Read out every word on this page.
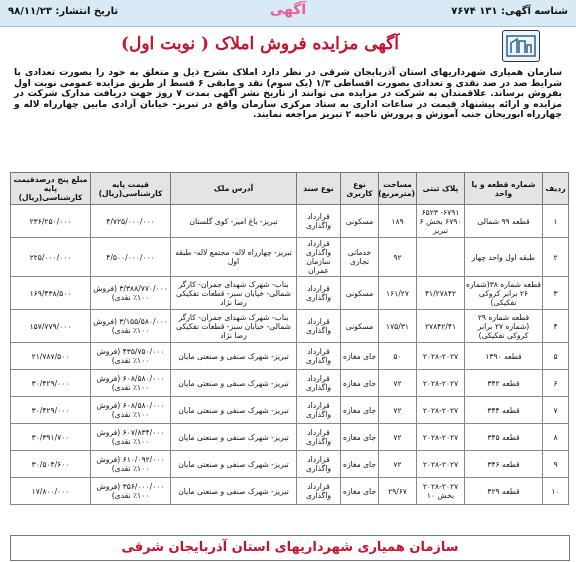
شناسه آگهی: ۱۳۱ ۷۶۷۴
آگهی
تاریخ انتشار: ۹۸/۱۱/۲۳
آگهی مزایده فروش املاک ( نوبت اول)
سازمان همیاری شهرداریهای استان آذربایجان شرقی در نظر دارد املاک بشرح ذیل و متعلق به خود را بصورت تعدادی با شرایط صد در صد نقدی و تعدادی بصورت اقساطی ۱/۳ (یک سوم) نقد و مابقی ۶ قسط از طریق مزایده عمومی نوبت اول بفروش برساند. علاقمندان به شرکت در مزایده می توانند از تاریخ نشر آگهی بمدت ۷ روز جهت دریافت مدارک شرکت در مزایده و ارائه پیشنهاد قیمت در ساعات اداری به ستاد مرکزی سازمان واقع در تبریز- خیابان آزادی مابین چهارراه لاله و چهارراه ابوریحان جنب آموزش و پرورش ناحیه ۲ تبریز مراجعه نمایند.
ردیف	شماره قطعه و یا واحد	پلاک ثبتی	مساحت (مترمربع)	نوع کاربری	نوع سند	آدرس ملک	قیمت پایه کارشناسی(ریال)	مبلغ پنج درصدقیمت پایه کارشناسی(ریال)
۱	قطعه ۹۹ شمالی	۶۷۹۱- ۶۵۲۳ ۶۷۹۰ بخش ۶ تبریز	۱۸۹	مسکونی	قرارداد واگذاری	تبریز- باغ امیر- کوی گلستان	۴/۷۲۵/۰۰۰/۰۰۰	۲۳۶/۲۵۰/۰۰۰
۲	طبقه اول واحد چهار		۹۲	خدماتی تجاری	قرارداد واگذاری سازمان عمران	تبریز- چهارراه لاله- مجتمع لاله- طبقه اول	۴/۵۰۰/۰۰۰/۰۰۰	۲۲۵/۰۰۰/۰۰۰
۳	قطعه شماره ۳۸(شماره ۲۶ برابر کروکی تفکیکی)	۴۱/۲۷۸۴۲	۱۶۱/۲۷	مسکونی	قرارداد واگذاری	بناب- شهرک شهدای جمران- کارگر شمالی- خیابان سبز- قطعات تفکیکی رضا نژاد	۳/۳۸۸/۷۷۰/۰۰۰ (فروش ۱۰۰٪ نقدی)	۱۶۹/۴۳۸/۵۰۰
۴	قطعه شماره ۲۹ (شماره ۲۷ برابر کروکی تفکیکی)	۲۷۸۴۲/۴۱	۱۷۵/۳۱	مسکونی	قرارداد واگذاری	بناب- شهرک شهدای جمران- کارگر شمالی- خیابان سبز- قطعات تفکیکی رضا نژاد	۳/۱۵۵/۵۸۰/۰۰۰ (فروش ۱۰۰٪ نقدی)	۱۵۷/۷۷۹/۰۰۰
۵	قطعه ۱۳۹۰	۲۰۲۸-۲۰۲۷	۵۰	جای مغازه	قرارداد واگذاری	تبریز- شهرک صنفی و صنعتی مایان	۴۳۵/۷۵۰/۰۰۰ (فروش ۱۰۰٪ نقدی)	۲۱/۷۸۷/۵۰۰
۶	قطعه ۳۴۲	۲۰۲۸-۲۰۲۷	۷۲	جای مغازه	قرارداد واگذاری	تبریز- شهرک صنفی و صنعتی مایان	۶۰۸/۵۸۰/۰۰۰ (فروش ۱۰۰٪ نقدی)	۳۰/۴۲۹/۰۰۰
۷	قطعه ۳۴۴	۲۰۲۸-۲۰۲۷	۷۲	جای مغازه	قرارداد واگذاری	تبریز- شهرک صنفی و صنعتی مایان	۶۰۸/۵۸۰/۰۰۰ (فروش ۱۰۰٪ نقدی)	۳۰/۴۲۹/۰۰۰
۸	قطعه ۳۴۵	۲۰۲۸-۲۰۲۷	۷۲	جای مغازه	قرارداد واگذاری	تبریز- شهرک صنفی و صنعتی مایان	۶۰۷/۸۳۴/۰۰۰ (فروش ۱۰۰٪ نقدی)	۳۰/۳۹۱/۷۰۰
۹	قطعه ۳۴۶	۲۰۲۸-۲۰۲۷	۷۲	جای مغازه	قرارداد واگذاری	تبریز- شهرک صنفی و صنعتی مایان	۶۱۰/۰۹۲/۰۰۰ (فروش ۱۰۰٪ نقدی)	۳۰/۵۰۴/۶۰۰
۱۰	قطعه ۴۲۹	۲۰۲۸-۲۰۲۷ بخش ۱۰	۲۹/۶۷	جای مغازه	قرارداد واگذاری	تبریز- شهرک صنفی و صنعتی مایان	۳۵۶/۰۰۰/۰۰۰ (فروش ۱۰۰٪ نقدی)	۱۷/۸۰۰/۰۰۰
سازمان همیاری شهرداریهای استان آذربایجان شرقی
